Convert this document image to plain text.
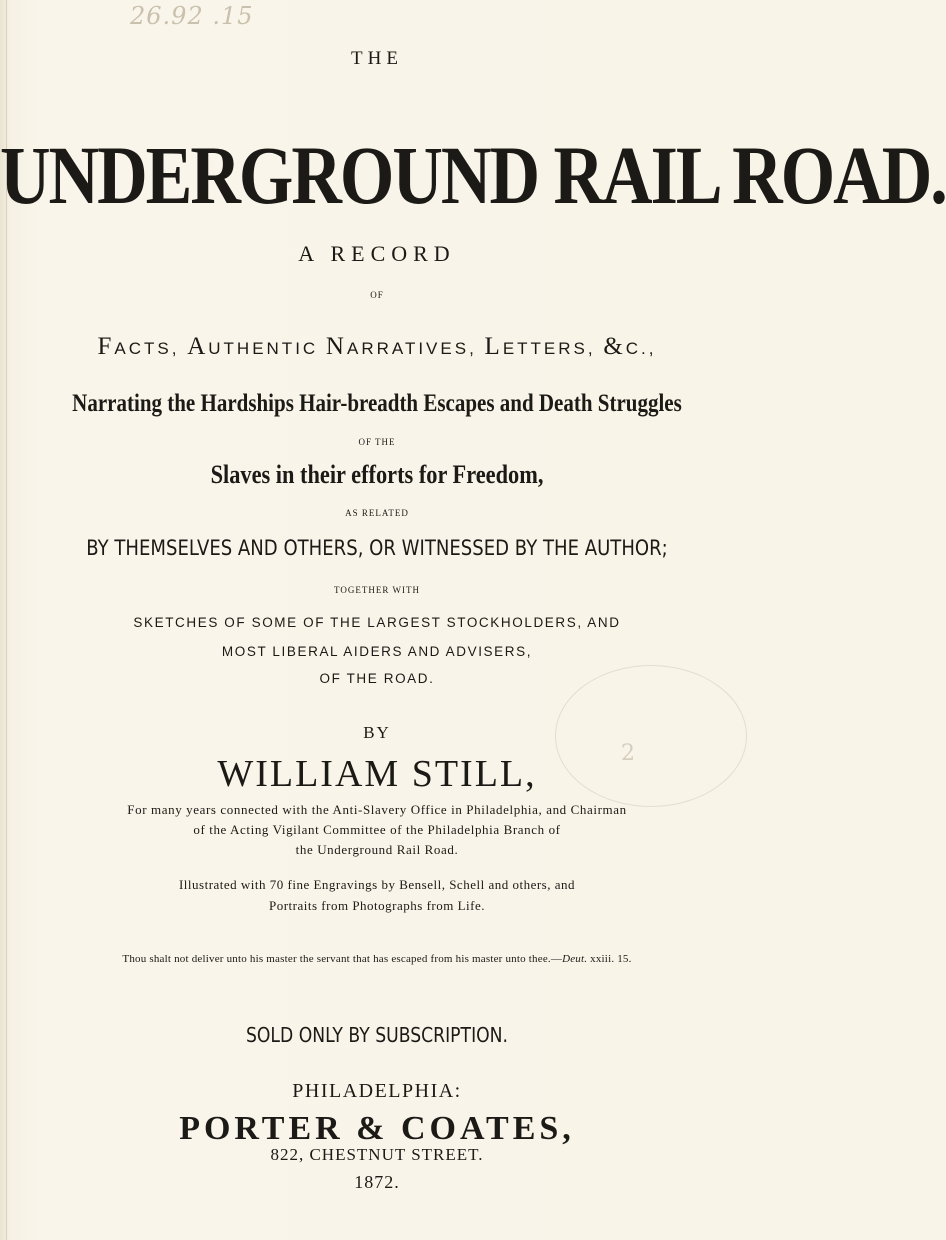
26.92 .15
2
THE
UNDERGROUND RAIL ROAD.
A RECORD
OF
FACTS, AUTHENTIC NARRATIVES, LETTERS, &C.,
Narrating the Hardships Hair-breadth Escapes and Death Struggles
OF THE
Slaves in their efforts for Freedom,
AS RELATED
BY THEMSELVES AND OTHERS, OR WITNESSED BY THE AUTHOR;
TOGETHER WITH
SKETCHES OF SOME OF THE LARGEST STOCKHOLDERS, AND
MOST LIBERAL AIDERS AND ADVISERS,
OF THE ROAD.
BY
WILLIAM STILL,
For many years connected with the Anti-Slavery Office in Philadelphia, and Chairman
of the Acting Vigilant Committee of the Philadelphia Branch of
the Underground Rail Road.
Illustrated with 70 fine Engravings by Bensell, Schell and others, and
Portraits from Photographs from Life.
Thou shalt not deliver unto his master the servant that has escaped from his master unto thee.—Deut. xxiii. 15.
SOLD ONLY BY SUBSCRIPTION.
PHILADELPHIA:
PORTER & COATES,
822, CHESTNUT STREET.
1872.
